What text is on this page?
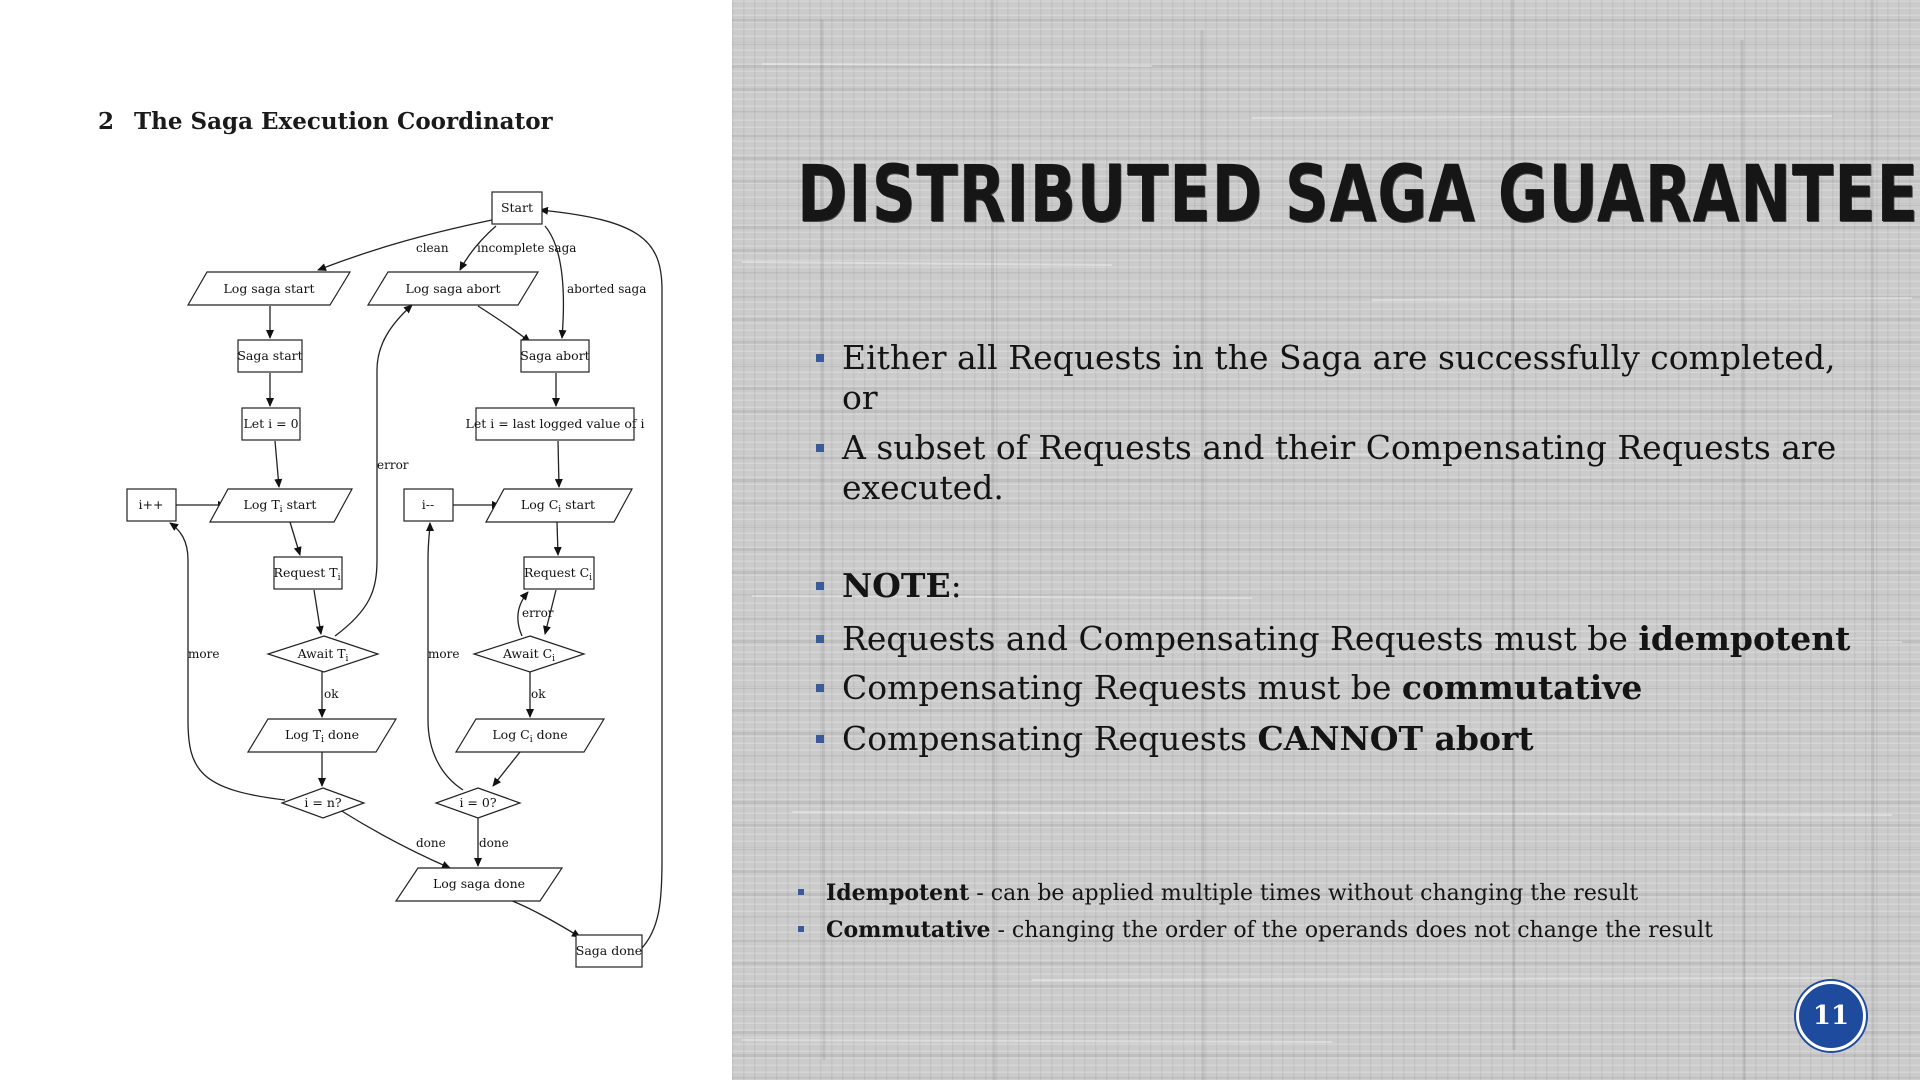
2 The Saga Execution Coordinator
Start
Log saga start	Log saga abort
Saga start	Saga abort
Let i = 0	Let i = last logged value of i
i++	i--
Log $T_i$ start	Log $C_i$ start
Request $T_i$	Request $C_i$
Await $T_i$	Await $C_i$
Log $T_i$ done	Log $C_i$ done
i = n?	i = 0?
Log saga done
Saga done
clean incomplete saga
aborted saga
error
error
more	more
ok	ok
done	done
DISTRIBUTED SAGA GUARANTEE
Either all Requests in the Saga are successfully completed, or
A subset of Requests and their Compensating Requests are executed.
NOTE:
Requests and Compensating Requests must be idempotent
Compensating Requests must be commutative
Compensating Requests CANNOT abort
Idempotent - can be applied multiple times without changing the result
Commutative - changing the order of the operands does not change the result
11
